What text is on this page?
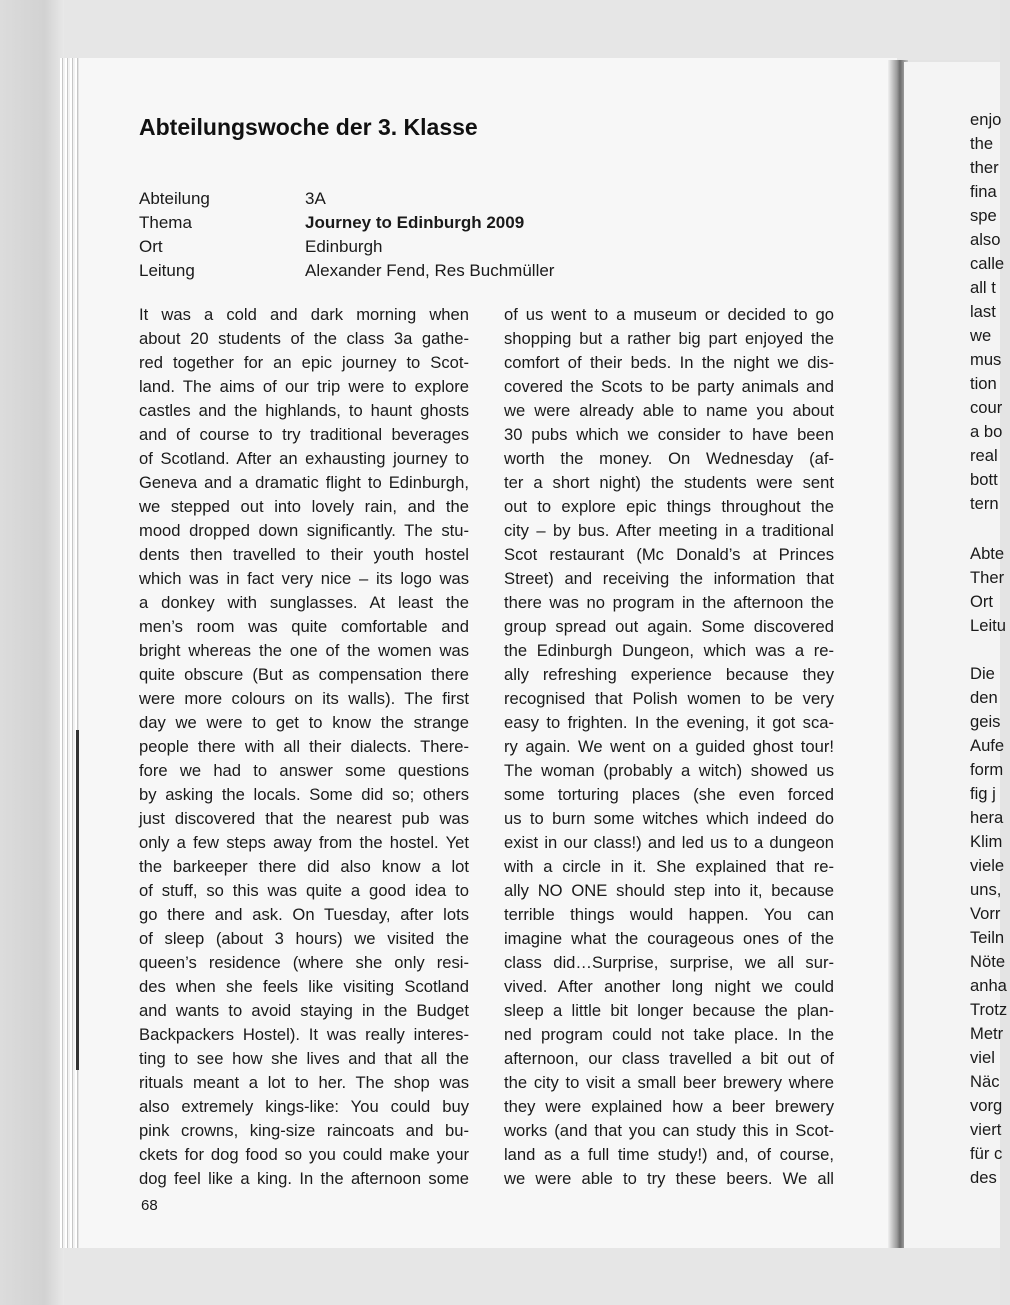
Abteilungswoche der 3. Klasse
Abteilung	3A
Thema	Journey to Edinburgh 2009
Ort	Edinburgh
Leitung	Alexander Fend, Res Buchmüller
It was a cold and dark morning when
about 20 students of the class 3a gathe-
red together for an epic journey to Scot-
land. The aims of our trip were to explore
castles and the highlands, to haunt ghosts
and of course to try traditional beverages
of Scotland. After an exhausting journey to
Geneva and a dramatic flight to Edinburgh,
we stepped out into lovely rain, and the
mood dropped down significantly. The stu-
dents then travelled to their youth hostel
which was in fact very nice – its logo was
a donkey with sunglasses. At least the
men’s room was quite comfortable and
bright whereas the one of the women was
quite obscure (But as compensation there
were more colours on its walls). The first
day we were to get to know the strange
people there with all their dialects. There-
fore we had to answer some questions
by asking the locals. Some did so; others
just discovered that the nearest pub was
only a few steps away from the hostel. Yet
the barkeeper there did also know a lot
of stuff, so this was quite a good idea to
go there and ask. On Tuesday, after lots
of sleep (about 3 hours) we visited the
queen’s residence (where she only resi-
des when she feels like visiting Scotland
and wants to avoid staying in the Budget
Backpackers Hostel). It was really interes-
ting to see how she lives and that all the
rituals meant a lot to her. The shop was
also extremely kings-like: You could buy
pink crowns, king-size raincoats and bu-
ckets for dog food so you could make your
dog feel like a king. In the afternoon some
of us went to a museum or decided to go
shopping but a rather big part enjoyed the
comfort of their beds. In the night we dis-
covered the Scots to be party animals and
we were already able to name you about
30 pubs which we consider to have been
worth the money. On Wednesday (af-
ter a short night) the students were sent
out to explore epic things throughout the
city – by bus. After meeting in a traditional
Scot restaurant (Mc Donald’s at Princes
Street) and receiving the information that
there was no program in the afternoon the
group spread out again. Some discovered
the Edinburgh Dungeon, which was a re-
ally refreshing experience because they
recognised that Polish women to be very
easy to frighten. In the evening, it got sca-
ry again. We went on a guided ghost tour!
The woman (probably a witch) showed us
some torturing places (she even forced
us to burn some witches which indeed do
exist in our class!) and led us to a dungeon
with a circle in it. She explained that re-
ally NO ONE should step into it, because
terrible things would happen. You can
imagine what the courageous ones of the
class did…Surprise, surprise, we all sur-
vived. After another long night we could
sleep a little bit longer because the plan-
ned program could not take place. In the
afternoon, our class travelled a bit out of
the city to visit a small beer brewery where
they were explained how a beer brewery
works (and that you can study this in Scot-
land as a full time study!) and, of course,
we were able to try these beers. We all
68
enjo
the
ther
fina
spe
also
calle
all t
last
we
mus
tion
cour
a bo
real
bott
tern
Abte
Ther
Ort
Leitu
Die
den
geis
Aufe
form
fig j
hera
Klim
viele
uns,
Vorr
Teiln
Nöte
anha
Trotz
Metr
viel
Näc
vorg
viert
für c
des
